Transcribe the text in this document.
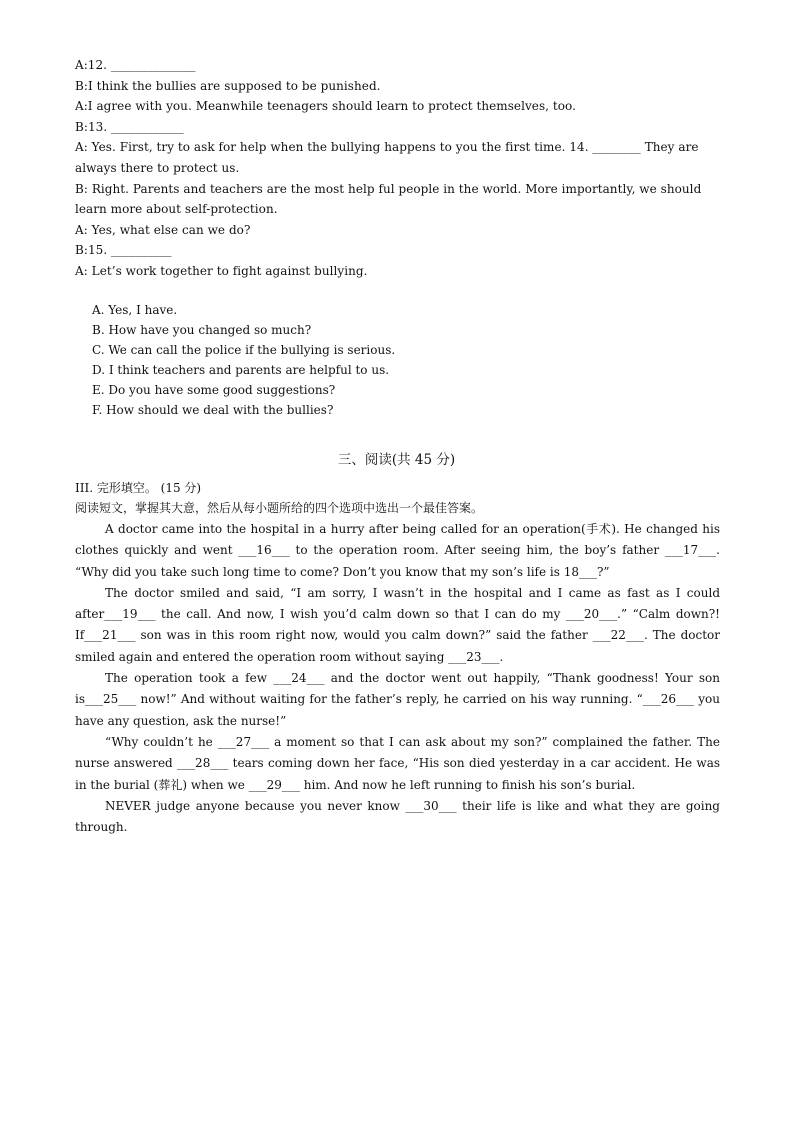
A:12. ______________

B:I think the bullies are supposed to be punished.

A:I agree with you. Meanwhile teenagers should learn to protect themselves, too.

B:13. ____________

A: Yes. First, try to ask for help when the bullying happens to you the first time. 14. ________ They are always there to protect us.

B: Right. Parents and teachers are the most help ful people in the world. More importantly, we should learn more about self-protection.

A: Yes, what else can we do?

B:15. __________

A: Let’s work together to fight against bullying.

A. Yes, I have.

B. How have you changed so much?

C. We can call the police if the bullying is serious.

D. I think teachers and parents are helpful to us.

E. Do you have some good suggestions?

F. How should we deal with the bullies?

三、阅读(共 45 分)

III. 完形填空。 (15 分)

阅读短文，掌握其大意，然后从每小题所给的四个选项中选出一个最佳答案。

A doctor came into the hospital in a hurry after being called for an operation(手术). He changed his clothes quickly and went ___16___ to the operation room. After seeing him, the boy’s father ___17___. “Why did you take such long time to come? Don’t you know that my son’s life is 18___?”

The doctor smiled and said, “I am sorry, I wasn’t in the hospital and I came as fast as I could after___19___ the call. And now, I wish you’d calm down so that I can do my ___20___.” “Calm down?! If___21___ son was in this room right now, would you calm down?” said the father ___22___. The doctor smiled again and entered the operation room without saying ___23___.

The operation took a few ___24___ and the doctor went out happily, “Thank goodness! Your son is___25___ now!” And without waiting for the father’s reply, he carried on his way running. “___26___ you have any question, ask the nurse!”

“Why couldn’t he ___27___ a moment so that I can ask about my son?” complained the father. The nurse answered ___28___ tears coming down her face, “His son died yesterday in a car accident. He was in the burial (葬礼) when we ___29___ him. And now he left running to finish his son’s burial.

NEVER judge anyone because you never know ___30___ their life is like and what they are going through.
